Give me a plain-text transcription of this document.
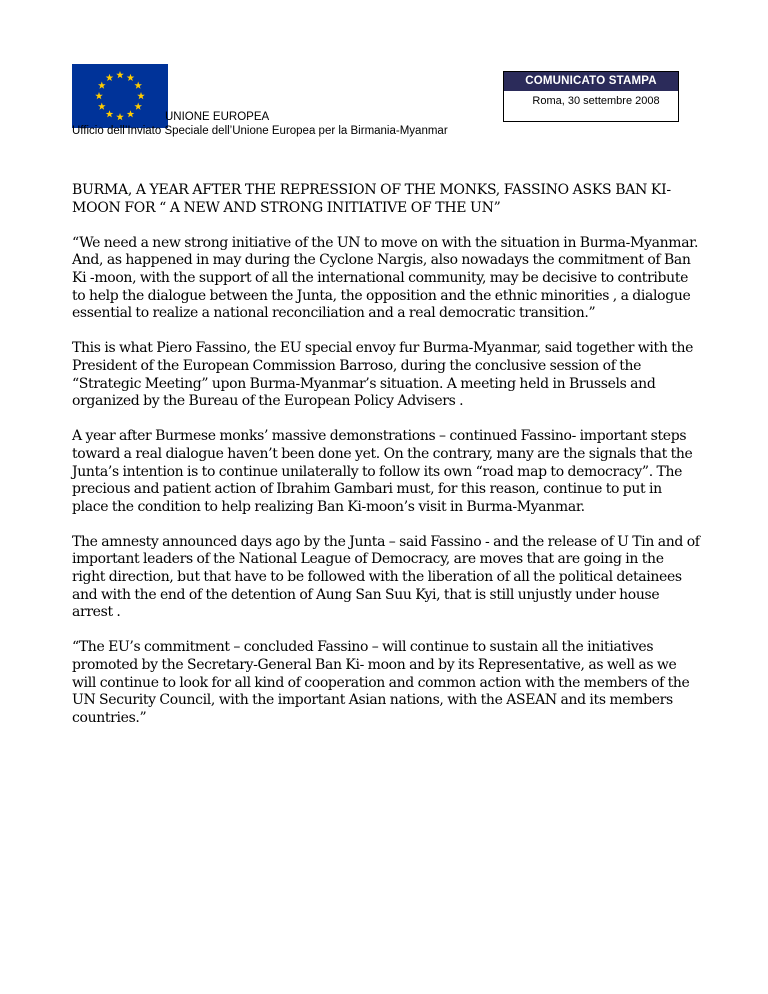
UNIONE EUROPEA
Ufficio dell’Inviato Speciale dell’Unione Europea per la Birmania-Myanmar
COMUNICATO STAMPA
Roma, 30 settembre 2008

BURMA, A YEAR AFTER THE REPRESSION OF THE MONKS, FASSINO ASKS BAN KI-MOON FOR “ A NEW AND STRONG INITIATIVE OF THE UN”

“We need a new strong initiative of the UN to move on with the situation in Burma-Myanmar. And, as happened in may during the Cyclone Nargis, also nowadays the commitment of Ban Ki -moon, with the support of all the international community, may be decisive to contribute to help the dialogue between the Junta, the opposition and the ethnic minorities , a dialogue essential to realize a national reconciliation and a real democratic transition.”

This is what Piero Fassino, the EU special envoy fur Burma-Myanmar, said together with the President of the European Commission Barroso, during the conclusive session of the “Strategic Meeting” upon Burma-Myanmar’s situation. A meeting held in Brussels and organized by the Bureau of the European Policy Advisers .

A year after Burmese monks’ massive demonstrations – continued Fassino- important steps toward a real dialogue haven’t been done yet. On the contrary, many are the signals that the Junta’s intention is to continue unilaterally to follow its own “road map to democracy”. The precious and patient action of Ibrahim Gambari must, for this reason, continue to put in place the condition to help realizing Ban Ki-moon’s visit in Burma-Myanmar.

The amnesty announced days ago by the Junta – said Fassino - and the release of U Tin and of important leaders of the National League of Democracy, are moves that are going in the right direction, but that have to be followed with the liberation of all the political detainees and with the end of the detention of Aung San Suu Kyi, that is still unjustly under house arrest .

“The EU’s commitment – concluded Fassino – will continue to sustain all the initiatives promoted by the Secretary-General Ban Ki- moon and by its Representative, as well as we will continue to look for all kind of cooperation and common action with the members of the UN Security Council, with the important Asian nations, with the ASEAN and its members countries.”
